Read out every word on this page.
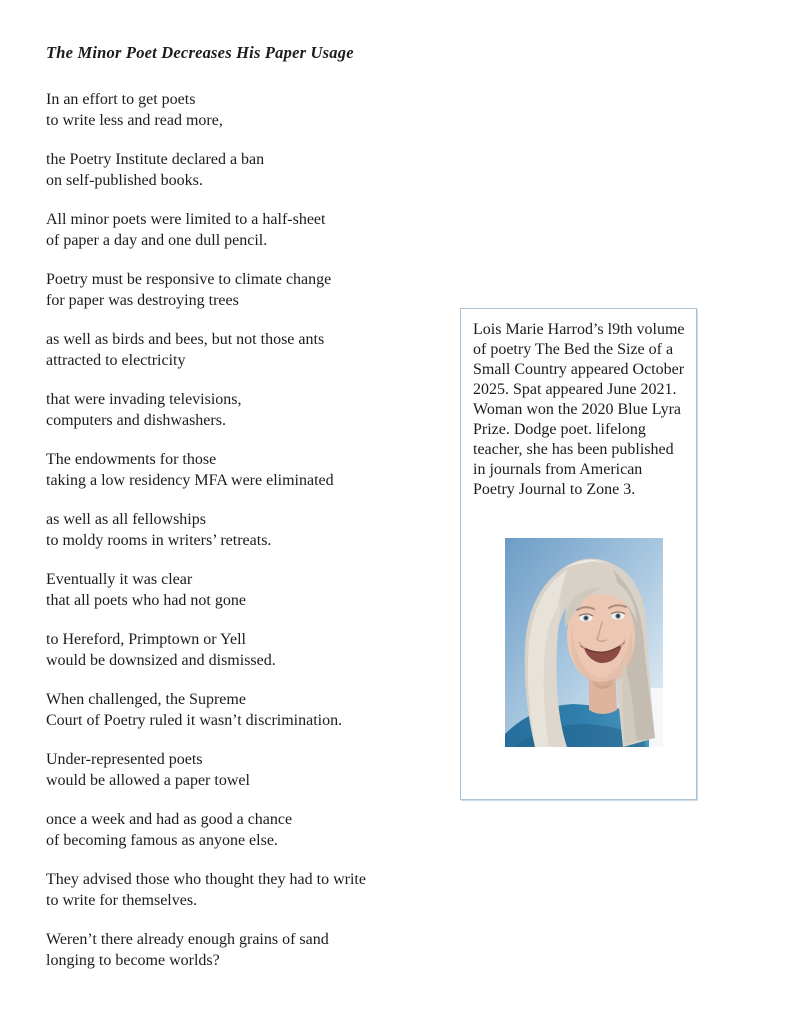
The Minor Poet Decreases His Paper Usage
In an effort to get poets
to write less and read more,
the Poetry Institute declared a ban
on self-published books.
All minor poets were limited to a half-sheet
of paper a day and one dull pencil.
Poetry must be responsive to climate change
for paper was destroying trees
as well as birds and bees, but not those ants
attracted to electricity
that were invading televisions,
computers and dishwashers.
The endowments for those
taking a low residency MFA were eliminated
as well as all fellowships
to moldy rooms in writers’ retreats.
Eventually it was clear
that all poets who had not gone
to Hereford, Primptown or Yell
would be downsized and dismissed.
When challenged, the Supreme
Court of Poetry ruled it wasn’t discrimination.
Under-represented poets
would be allowed a paper towel
once a week and had as good a chance
of becoming famous as anyone else.
They advised those who thought they had to write
to write for themselves.
Weren’t there already enough grains of sand
longing to become worlds?

Lois Marie Harrod’s l9th volume of poetry The Bed the Size of a Small Country appeared October 2025. Spat appeared June 2021. Woman won the 2020 Blue Lyra Prize. Dodge poet. lifelong teacher, she has been published in journals from American Poetry Journal to Zone 3.
